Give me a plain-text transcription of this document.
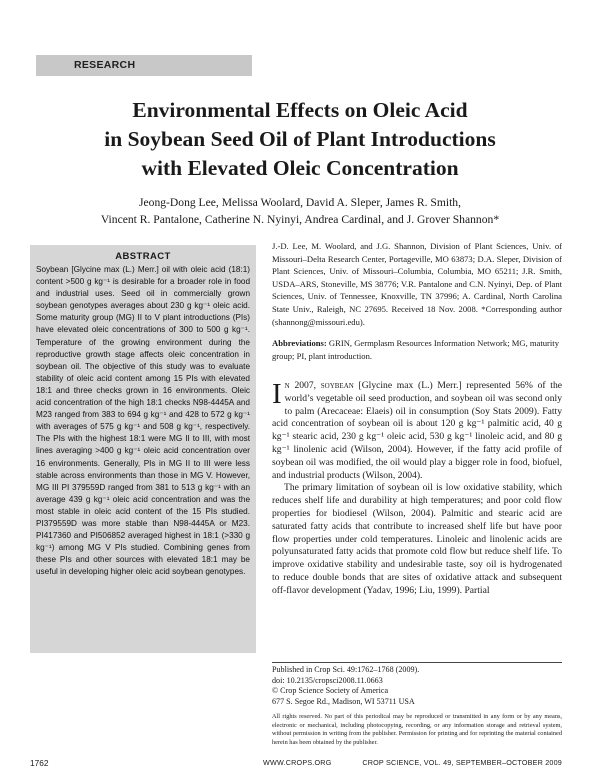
RESEARCH
Environmental Effects on Oleic Acid
in Soybean Seed Oil of Plant Introductions
with Elevated Oleic Concentration
Jeong-Dong Lee, Melissa Woolard, David A. Sleper, James R. Smith,
Vincent R. Pantalone, Catherine N. Nyinyi, Andrea Cardinal, and J. Grover Shannon*
ABSTRACT

Soybean [Glycine max (L.) Merr.] oil with oleic acid (18:1) content >500 g kg⁻¹ is desirable for a broader role in food and industrial uses. Seed oil in commercially grown soybean genotypes averages about 230 g kg⁻¹ oleic acid. Some maturity group (MG) II to V plant introductions (PIs) have elevated oleic concentrations of 300 to 500 g kg⁻¹. Temperature of the growing environment during the reproductive growth stage affects oleic concentration in soybean oil. The objective of this study was to evaluate stability of oleic acid content among 15 PIs with elevated 18:1 and three checks grown in 16 environments. Oleic acid concentration of the high 18:1 checks N98-4445A and M23 ranged from 383 to 694 g kg⁻¹ and 428 to 572 g kg⁻¹ with averages of 575 g kg⁻¹ and 508 g kg⁻¹, respectively. The PIs with the highest 18:1 were MG II to III, with most lines averaging >400 g kg⁻¹ oleic acid concentration over 16 environments. Generally, PIs in MG II to III were less stable across environments than those in MG V. However, MG III PI 379559D ranged from 381 to 513 g kg⁻¹ with an average 439 g kg⁻¹ oleic acid concentration and was the most stable in oleic acid content of the 15 PIs studied. PI379559D was more stable than N98-4445A or M23. PI417360 and PI506852 averaged highest in 18:1 (>330 g kg⁻¹) among MG V PIs studied. Combining genes from these PIs and other sources with elevated 18:1 may be useful in developing higher oleic acid soybean genotypes.

J.-D. Lee, M. Woolard, and J.G. Shannon, Division of Plant Sciences, Univ. of Missouri–Delta Research Center, Portageville, MO 63873; D.A. Sleper, Division of Plant Sciences, Univ. of Missouri–Columbia, Columbia, MO 65211; J.R. Smith, USDA–ARS, Stoneville, MS 38776; V.R. Pantalone and C.N. Nyinyi, Dep. of Plant Sciences, Univ. of Tennessee, Knoxville, TN 37996; A. Cardinal, North Carolina State Univ., Raleigh, NC 27695. Received 18 Nov. 2008. *Corresponding author (shannong@missouri.edu).

Abbreviations: GRIN, Germplasm Resources Information Network; MG, maturity group; PI, plant introduction.

In 2007, soybean [Glycine max (L.) Merr.] represented 56% of the world’s vegetable oil seed production, and soybean oil was second only to palm (Arecaceae: Elaeis) oil in consumption (Soy Stats 2009). Fatty acid concentration of soybean oil is about 120 g kg⁻¹ palmitic acid, 40 g kg⁻¹ stearic acid, 230 g kg⁻¹ oleic acid, 530 g kg⁻¹ linoleic acid, and 80 g kg⁻¹ linolenic acid (Wilson, 2004). However, if the fatty acid profile of soybean oil was modified, the oil would play a bigger role in food, biofuel, and industrial products (Wilson, 2004).

The primary limitation of soybean oil is low oxidative stability, which reduces shelf life and durability at high temperatures; and poor cold flow properties for biodiesel (Wilson, 2004). Palmitic and stearic acid are saturated fatty acids that contribute to increased shelf life but have poor flow properties under cold temperatures. Linoleic and linolenic acids are polyunsaturated fatty acids that promote cold flow but reduce shelf life. To improve oxidative stability and undesirable taste, soy oil is hydrogenated to reduce double bonds that are sites of oxidative attack and subsequent off-flavor development (Yadav, 1996; Liu, 1999). Partial

Published in Crop Sci. 49:1762–1768 (2009).
doi: 10.2135/cropsci2008.11.0663
© Crop Science Society of America
677 S. Segoe Rd., Madison, WI 53711 USA

All rights reserved. No part of this periodical may be reproduced or transmitted in any form or by any means, electronic or mechanical, including photocopying, recording, or any information storage and retrieval system, without permission in writing from the publisher. Permission for printing and for reprinting the material contained herein has been obtained by the publisher.

1762	WWW.CROPS.ORG	CROP SCIENCE, VOL. 49, SEPTEMBER–OCTOBER 2009
